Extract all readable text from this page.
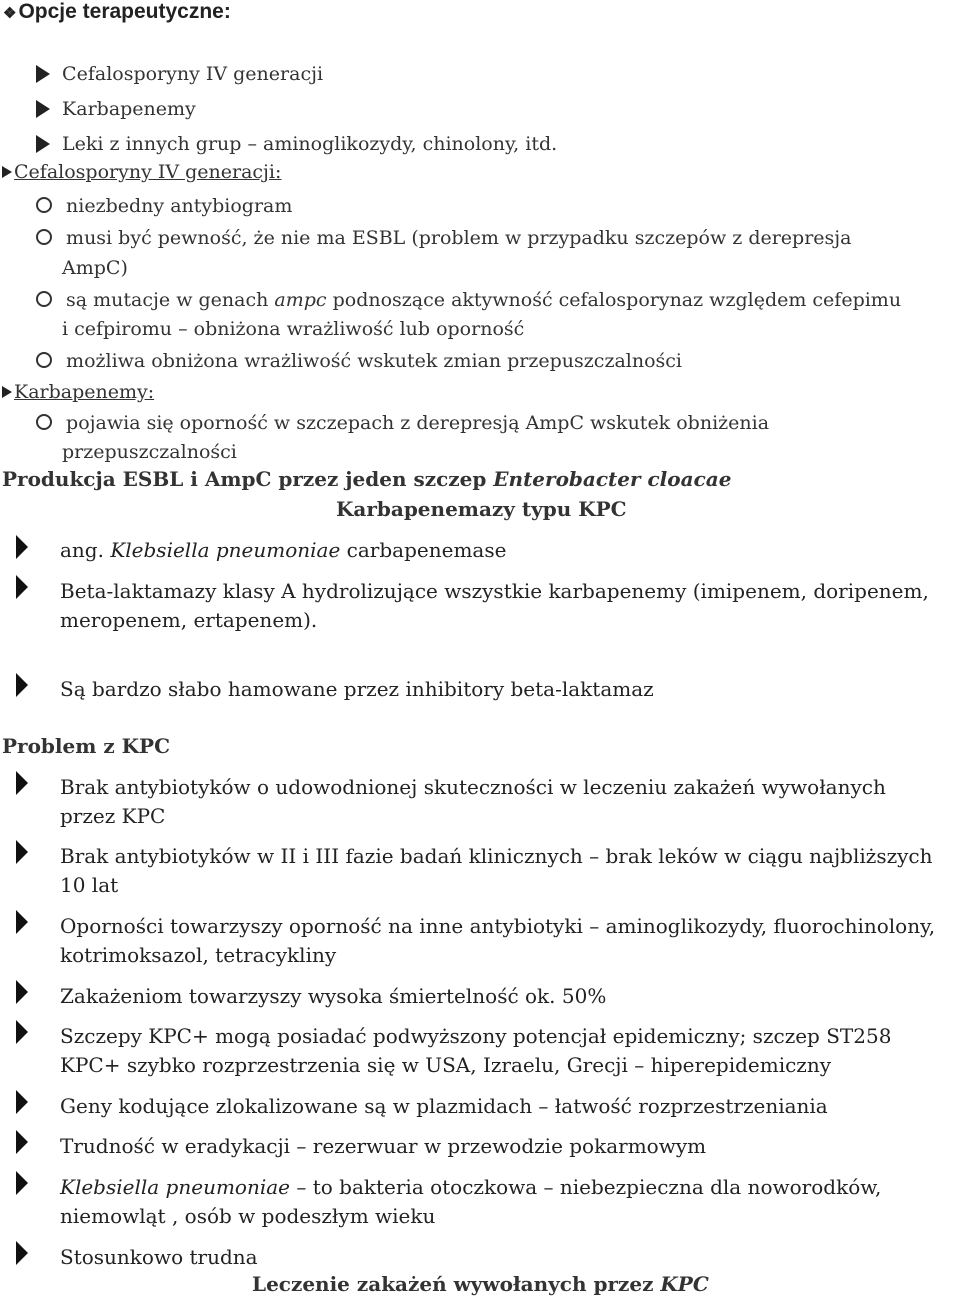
❖Opcje terapeutyczne:
Cefalosporyny IV generacji
Karbapenemy
Leki z innych grup – aminoglikozydy, chinolony, itd.
Cefalosporyny IV generacji:
niezbedny antybiogram
musi być pewność, że nie ma ESBL (problem w przypadku szczepów z derepresja
AmpC)
są mutacje w genach ampc podnoszące aktywność cefalosporynaz względem cefepimu
i cefpiromu – obniżona wrażliwość lub oporność
możliwa obniżona wrażliwość wskutek zmian przepuszczalności
Karbapenemy:
pojawia się oporność w szczepach z derepresją AmpC wskutek obniżenia
przepuszczalności
Produkcja ESBL i AmpC przez jeden szczep Enterobacter cloacae
Karbapenemazy typu KPC
ang. Klebsiella pneumoniae carbapenemase
Beta-laktamazy klasy A hydrolizujące wszystkie karbapenemy (imipenem, doripenem,
meropenem, ertapenem).
Są bardzo słabo hamowane przez inhibitory beta-laktamaz
Problem z KPC
Brak antybiotyków o udowodnionej skuteczności w leczeniu zakażeń wywołanych
przez KPC
Brak antybiotyków w II i III fazie badań klinicznych – brak leków w ciągu najbliższych
10 lat
Oporności towarzyszy oporność na inne antybiotyki – aminoglikozydy, fluorochinolony,
kotrimoksazol, tetracykliny
Zakażeniom towarzyszy wysoka śmiertelność ok. 50%
Szczepy KPC+ mogą posiadać podwyższony potencjał epidemiczny; szczep ST258
KPC+ szybko rozprzestrzenia się w USA, Izraelu, Grecji – hiperepidemiczny
Geny kodujące zlokalizowane są w plazmidach – łatwość rozprzestrzeniania
Trudność w eradykacji – rezerwuar w przewodzie pokarmowym
Klebsiella pneumoniae – to bakteria otoczkowa – niebezpieczna dla noworodków,
niemowląt , osób w podeszłym wieku
Stosunkowo trudna
Leczenie zakażeń wywołanych przez KPC
